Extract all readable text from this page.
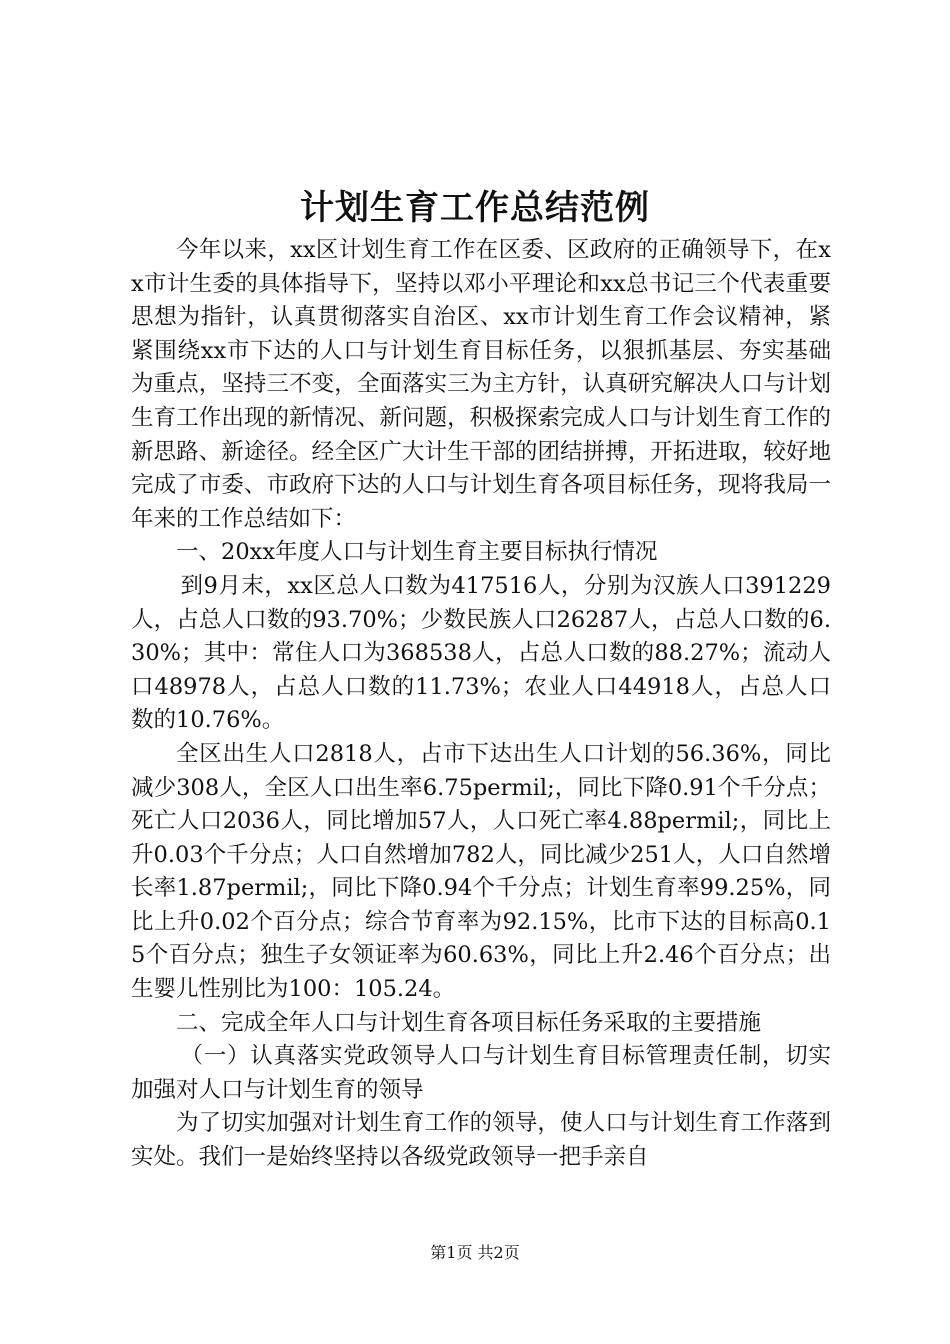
计划生育工作总结范例

今年以来，xx区计划生育工作在区委、区政府的正确领导下，在xx市计生委的具体指导下，坚持以邓小平理论和xx总书记三个代表重要思想为指针，认真贯彻落实自治区、xx市计划生育工作会议精神，紧紧围绕xx市下达的人口与计划生育目标任务，以狠抓基层、夯实基础为重点，坚持三不变，全面落实三为主方针，认真研究解决人口与计划生育工作出现的新情况、新问题，积极探索完成人口与计划生育工作的新思路、新途径。经全区广大计生干部的团结拼搏，开拓进取，较好地完成了市委、市政府下达的人口与计划生育各项目标任务，现将我局一年来的工作总结如下：

一、20xx年度人口与计划生育主要目标执行情况

到9月末，xx区总人口数为417516人，分别为汉族人口391229人，占总人口数的93.70%；少数民族人口26287人，占总人口数的6.30%；其中：常住人口为368538人，占总人口数的88.27%；流动人口48978人，占总人口数的11.73%；农业人口44918人，占总人口数的10.76%。

全区出生人口2818人，占市下达出生人口计划的56.36%，同比减少308人，全区人口出生率6.75permil;，同比下降0.91个千分点；死亡人口2036人，同比增加57人，人口死亡率4.88permil;，同比上升0.03个千分点；人口自然增加782人，同比减少251人，人口自然增长率1.87permil;，同比下降0.94个千分点；计划生育率99.25%，同比上升0.02个百分点；综合节育率为92.15%，比市下达的目标高0.15个百分点；独生子女领证率为60.63%，同比上升2.46个百分点；出生婴儿性别比为100：105.24。

二、完成全年人口与计划生育各项目标任务采取的主要措施

（一）认真落实党政领导人口与计划生育目标管理责任制，切实加强对人口与计划生育的领导

为了切实加强对计划生育工作的领导，使人口与计划生育工作落到实处。我们一是始终坚持以各级党政领导一把手亲自

第1页 共2页
